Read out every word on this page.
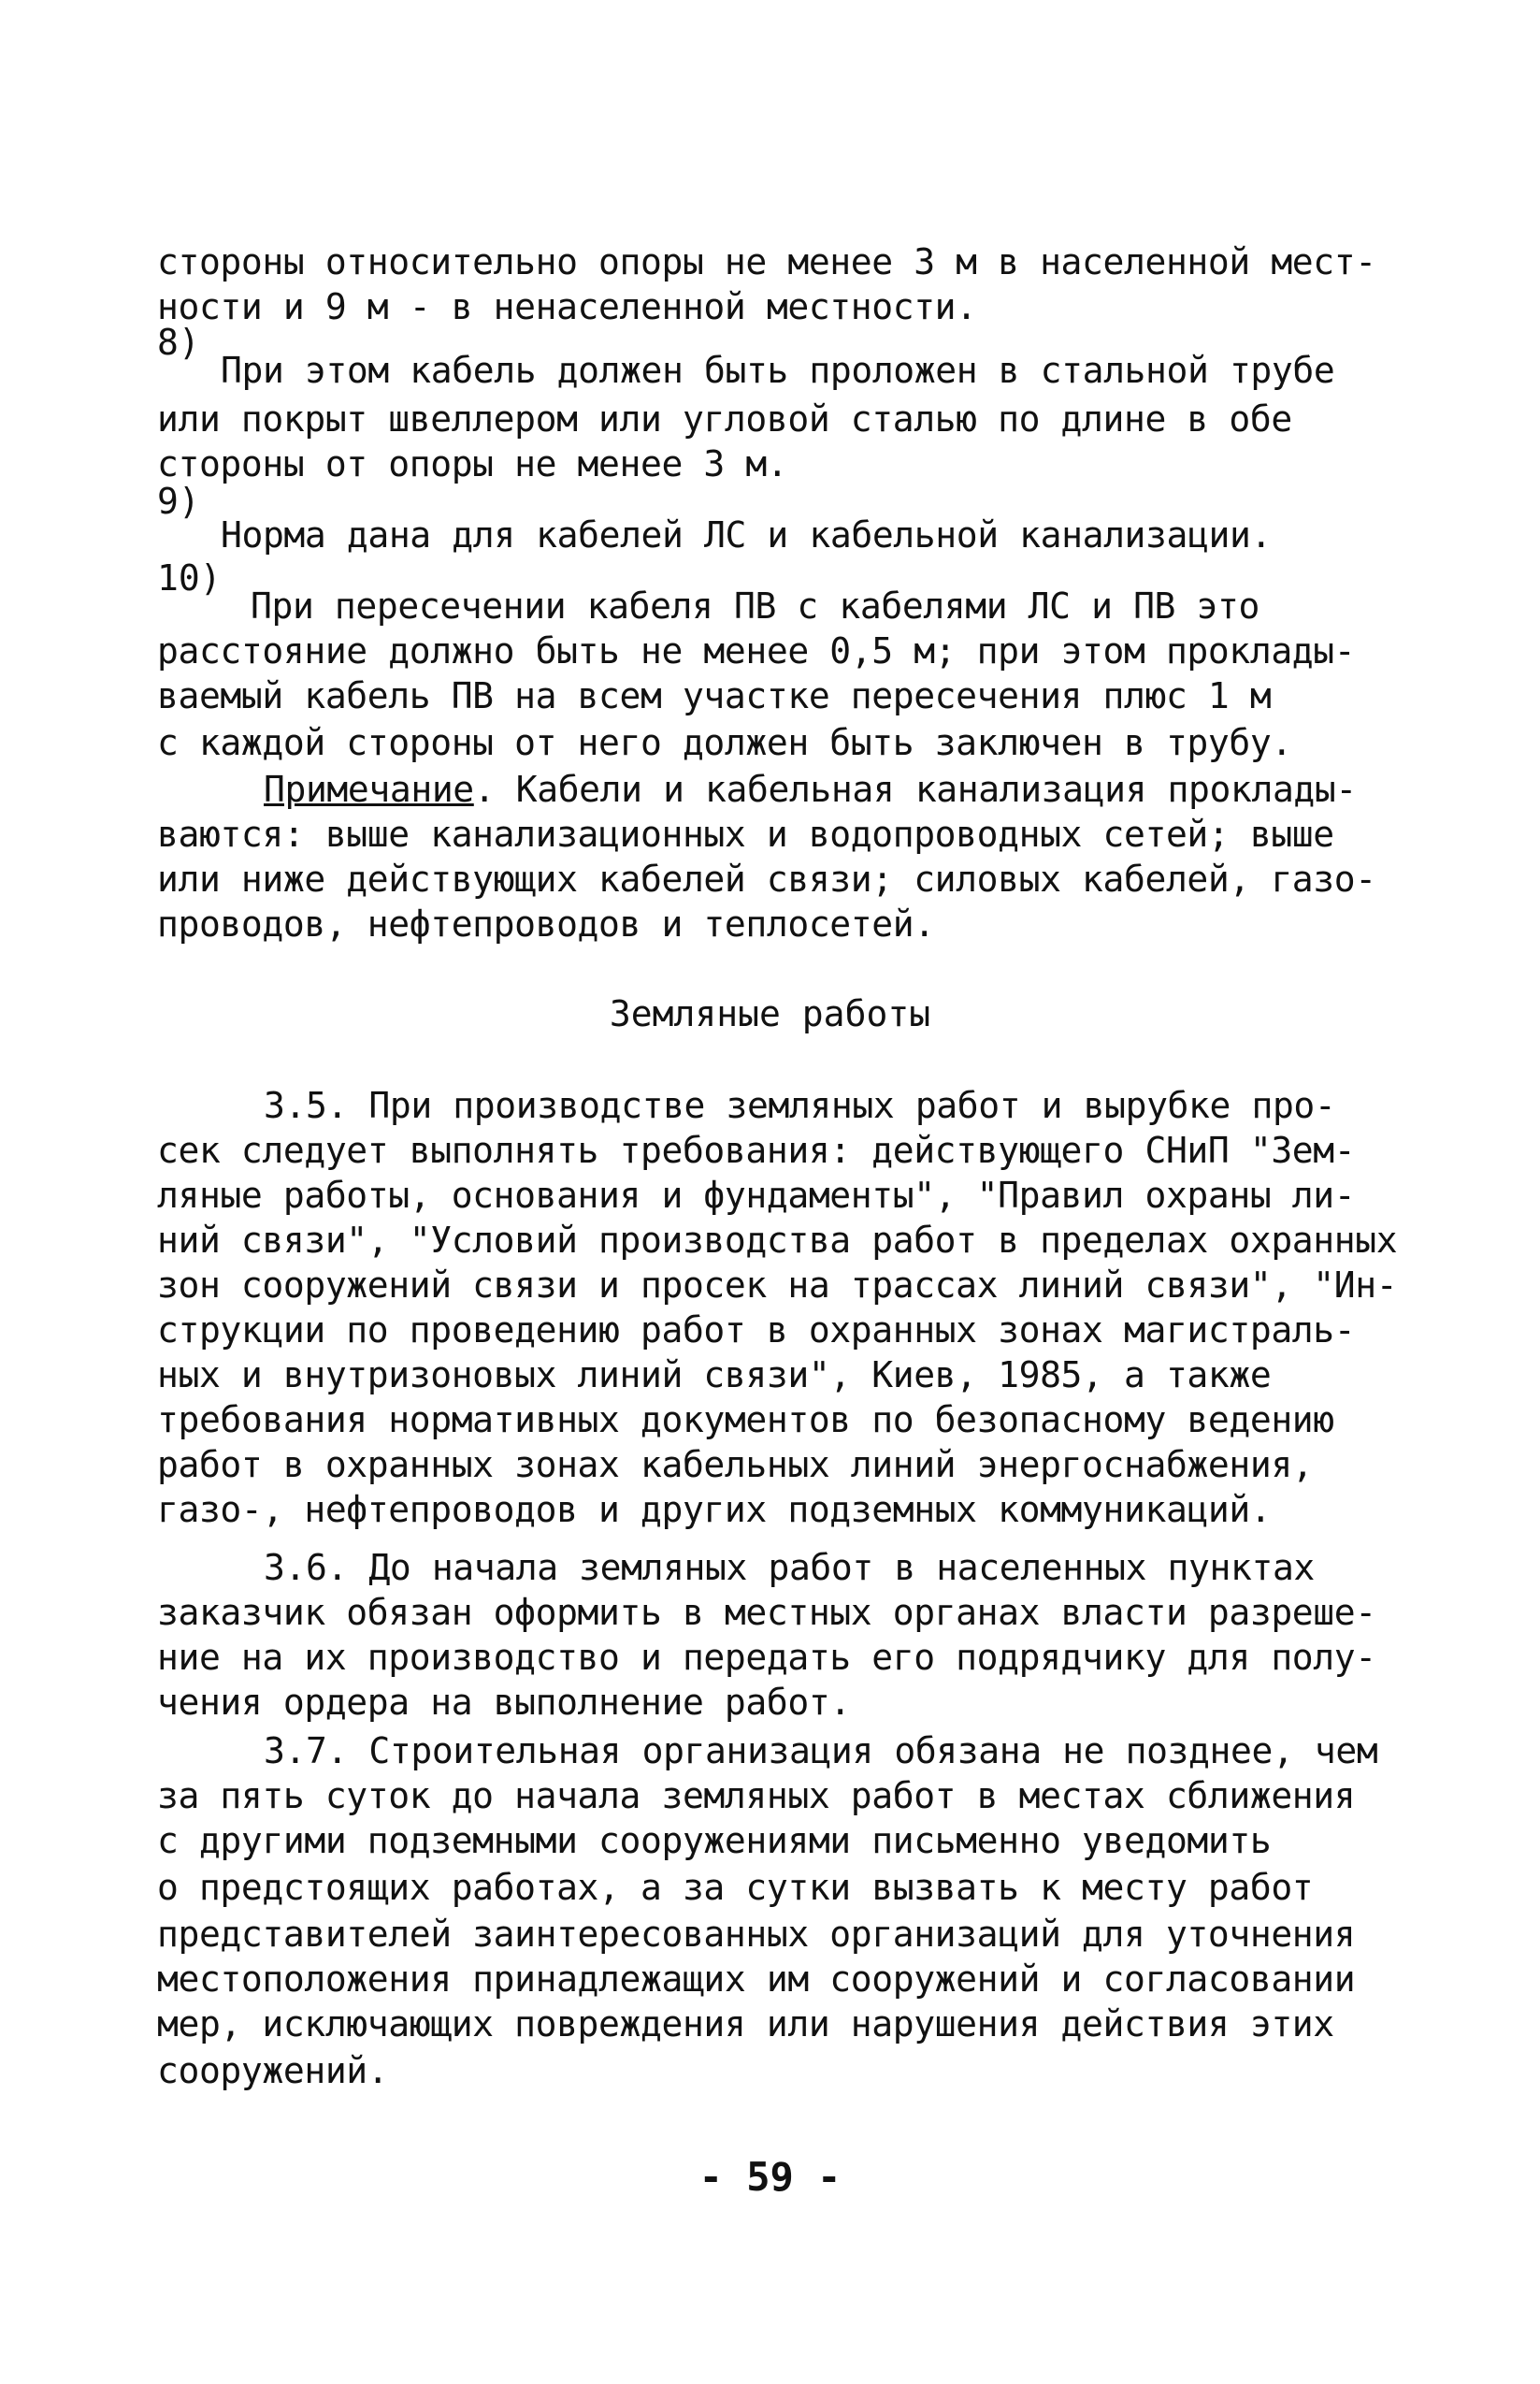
стороны относительно опоры не менее 3 м в населенной мест-
ности и 9 м - в ненаселенной местности.
8)
При этом кабель должен быть проложен в стальной трубе
или покрыт швеллером или угловой сталью по длине в обе
стороны от опоры не менее 3 м.
9)
Норма дана для кабелей ЛС и кабельной канализации.
10)
При пересечении кабеля ПВ с кабелями ЛС и ПВ это
расстояние должно быть не менее 0,5 м; при этом проклады-
ваемый кабель ПВ на всем участке пересечения плюс 1 м
с каждой стороны от него должен быть заключен в трубу.
Примечание. Кабели и кабельная канализация проклады-
ваются: выше канализационных и водопроводных сетей; выше
или ниже действующих кабелей связи; силовых кабелей, газо-
проводов, нефтепроводов и теплосетей.
Земляные работы
3.5. При производстве земляных работ и вырубке про-
сек следует выполнять требования: действующего СНиП "Зем-
ляные работы, основания и фундаменты", "Правил охраны ли-
ний связи", "Условий производства работ в пределах охранных
зон сооружений связи и просек на трассах линий связи", "Ин-
струкции по проведению работ в охранных зонах магистраль-
ных и внутризоновых линий связи", Киев, 1985, а также
требования нормативных документов по безопасному ведению
работ в охранных зонах кабельных линий энергоснабжения,
газо-, нефтепроводов и других подземных коммуникаций.
3.6. До начала земляных работ в населенных пунктах
заказчик обязан оформить в местных органах власти разреше-
ние на их производство и передать его подрядчику для полу-
чения ордера на выполнение работ.
3.7. Строительная организация обязана не позднее, чем
за пять суток до начала земляных работ в местах сближения
с другими подземными сооружениями письменно уведомить
о предстоящих работах, а за сутки вызвать к месту работ
представителей заинтересованных организаций для уточнения
местоположения принадлежащих им сооружений и согласовании
мер, исключающих повреждения или нарушения действия этих
сооружений.
- 59 -
